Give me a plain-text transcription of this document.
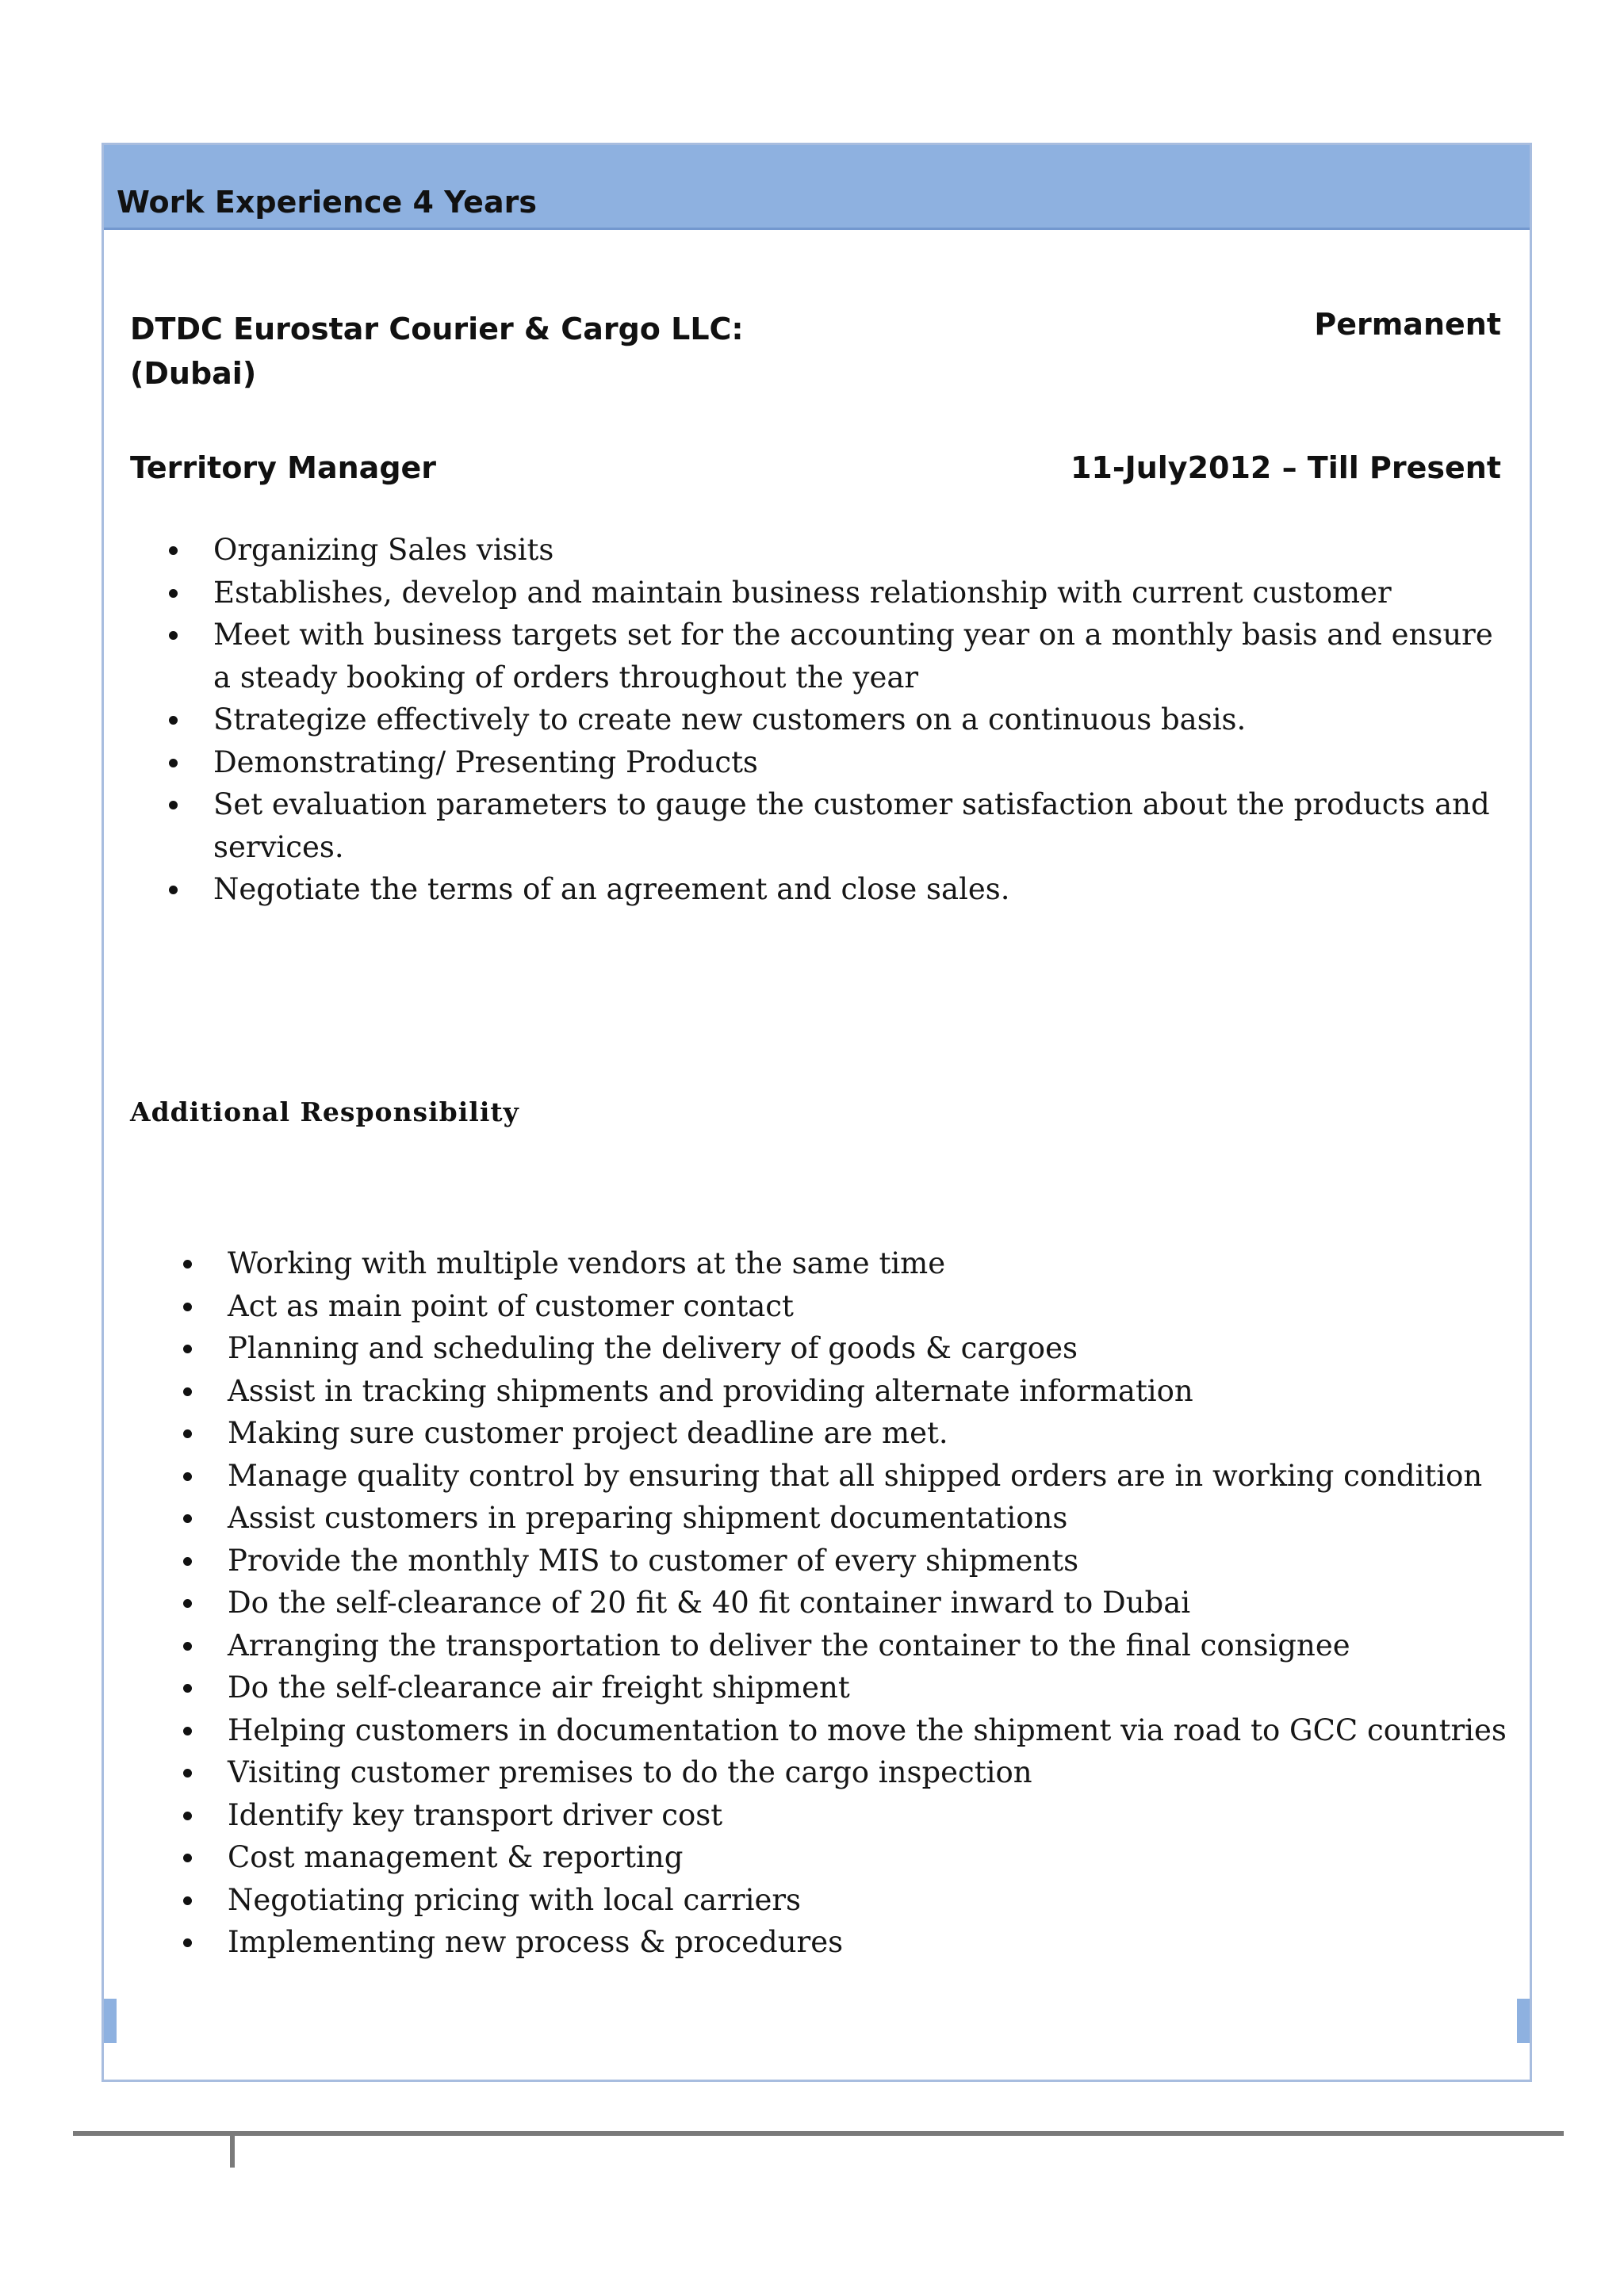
Work Experience 4 Years
DTDC Eurostar Courier & Cargo LLC:
(Dubai)
Permanent
Territory Manager	11-July2012 – Till Present
Organizing Sales visits
Establishes, develop and maintain business relationship with current customer
Meet with business targets set for the accounting year on a monthly basis and ensure a steady booking of orders throughout the year
Strategize effectively to create new customers on a continuous basis.
Demonstrating/ Presenting Products
Set evaluation parameters to gauge the customer satisfaction about the products and services.
Negotiate the terms of an agreement and close sales.
Additional Responsibility
Working with multiple vendors at the same time
Act as main point of customer contact
Planning and scheduling the delivery of goods & cargoes
Assist in tracking shipments and providing alternate information
Making sure customer project deadline are met.
Manage quality control by ensuring that all shipped orders are in working condition
Assist customers in preparing shipment documentations
Provide the monthly MIS to customer of every shipments
Do the self-clearance of 20 fit & 40 fit container inward to Dubai
Arranging the transportation to deliver the container to the final consignee
Do the self-clearance air freight shipment
Helping customers in documentation to move the shipment via road to GCC countries
Visiting customer premises to do the cargo inspection
Identify key transport driver cost
Cost management & reporting
Negotiating pricing with local carriers
Implementing new process & procedures
